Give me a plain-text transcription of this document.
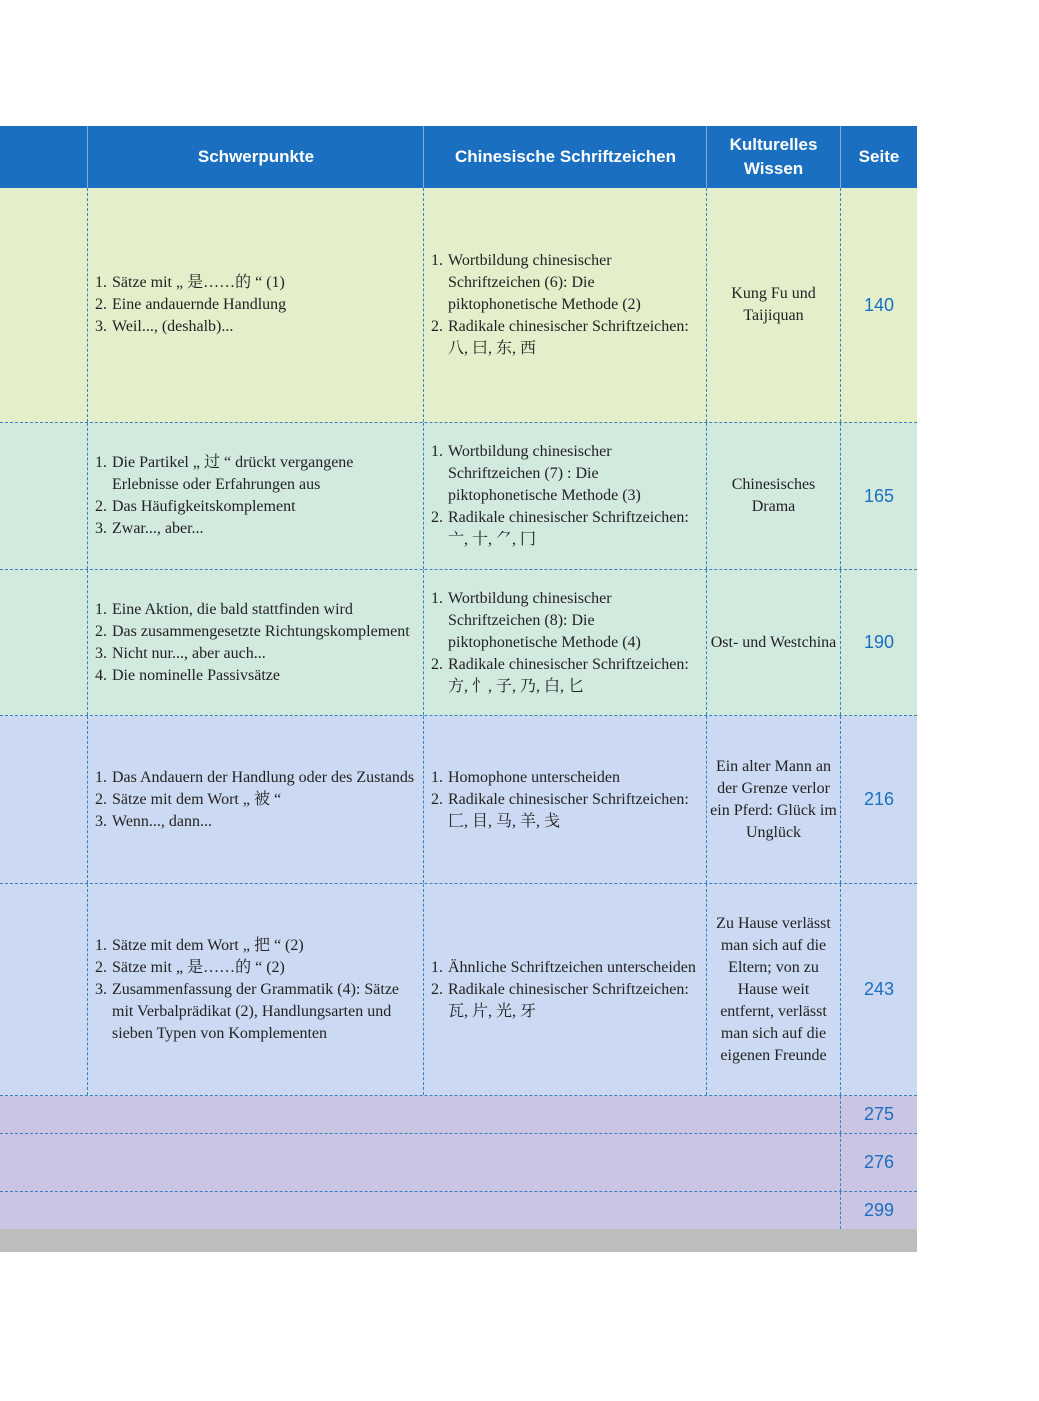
Schwerpunkte	Chinesische Schriftzeichen
Kulturelles Wissen
Seite
1. Sätze mit „ 是……的 “ (1)
2. Eine andauernde Handlung
3. Weil..., (deshalb)...
1. Wortbildung chinesischer Schriftzeichen (6): Die piktophonetische Methode (2)
2. Radikale chinesischer Schriftzeichen: 八, 曰, 东, 西
Kung Fu und Taijiquan
140
1. Die Partikel „ 过 “ drückt vergangene Erlebnisse oder Erfahrungen aus
2. Das Häufigkeitskomplement
3. Zwar..., aber...
1. Wortbildung chinesischer Schriftzeichen (7) : Die piktophonetische Methode (3)
2. Radikale chinesischer Schriftzeichen: 亠, 十, ⺈, 冂
Chinesisches Drama
165
1. Eine Aktion, die bald stattfinden wird
2. Das zusammengesetzte Richtungskomplement
3. Nicht nur..., aber auch...
4. Die nominelle Passivsätze
1. Wortbildung chinesischer Schriftzeichen (8): Die piktophonetische Methode (4)
2. Radikale chinesischer Schriftzeichen: 方, 忄, 子, 乃, 白, 匕
Ost- und Westchina 190
1. Das Andauern der Handlung oder des Zustands
2. Sätze mit dem Wort „ 被 “
3. Wenn..., dann...
1. Homophone unterscheiden
2. Radikale chinesischer Schriftzeichen: 匚, 目, 马, 羊, 戋
Ein alter Mann an der Grenze verlor ein Pferd: Glück im Unglück
216
1. Sätze mit dem Wort „ 把 “ (2)
2. Sätze mit „ 是……的 “ (2)
3. Zusammenfassung der Grammatik (4): Sätze mit Verbalprädikat (2), Handlungsarten und sieben Typen von Komplementen
1. Ähnliche Schriftzeichen unterscheiden
2. Radikale chinesischer Schriftzeichen: 瓦, 片, 光, 牙
Zu Hause verlässt man sich auf die Eltern; von zu Hause weit entfernt, verlässt man sich auf die eigenen Freunde
243
275
276
299
